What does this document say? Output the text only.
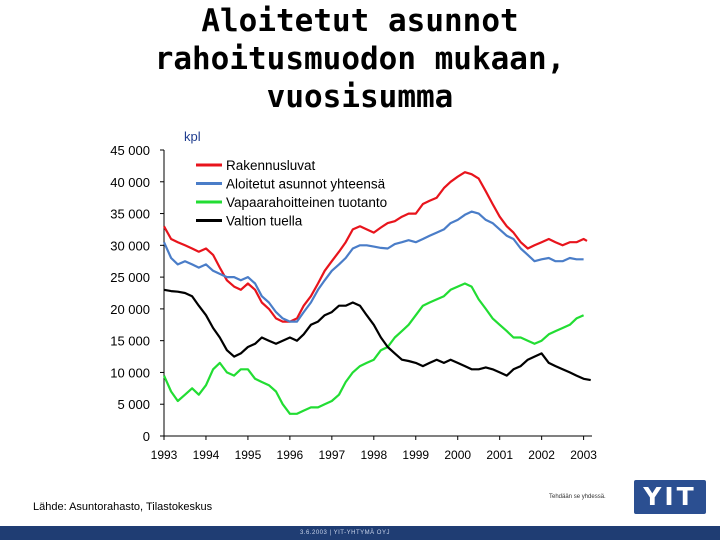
Aloitetut asunnot
rahoitusmuodon mukaan,
vuosisumma
0
5 000
10 000
15 000
20 000
25 000
30 000
35 000
40 000
45 000
1993 1994 1995 1996 1997 1998 1999 2000 2001 2002 2003
kpl
Rakennusluvat
Aloitetut asunnot yhteensä
Vapaarahoitteinen tuotanto
Valtion tuella
Lähde: Asuntorahasto, Tilastokeskus
Tehdään se yhdessä.	YIT
3.6.2003 | YIT-YHTYMÄ OYJ
